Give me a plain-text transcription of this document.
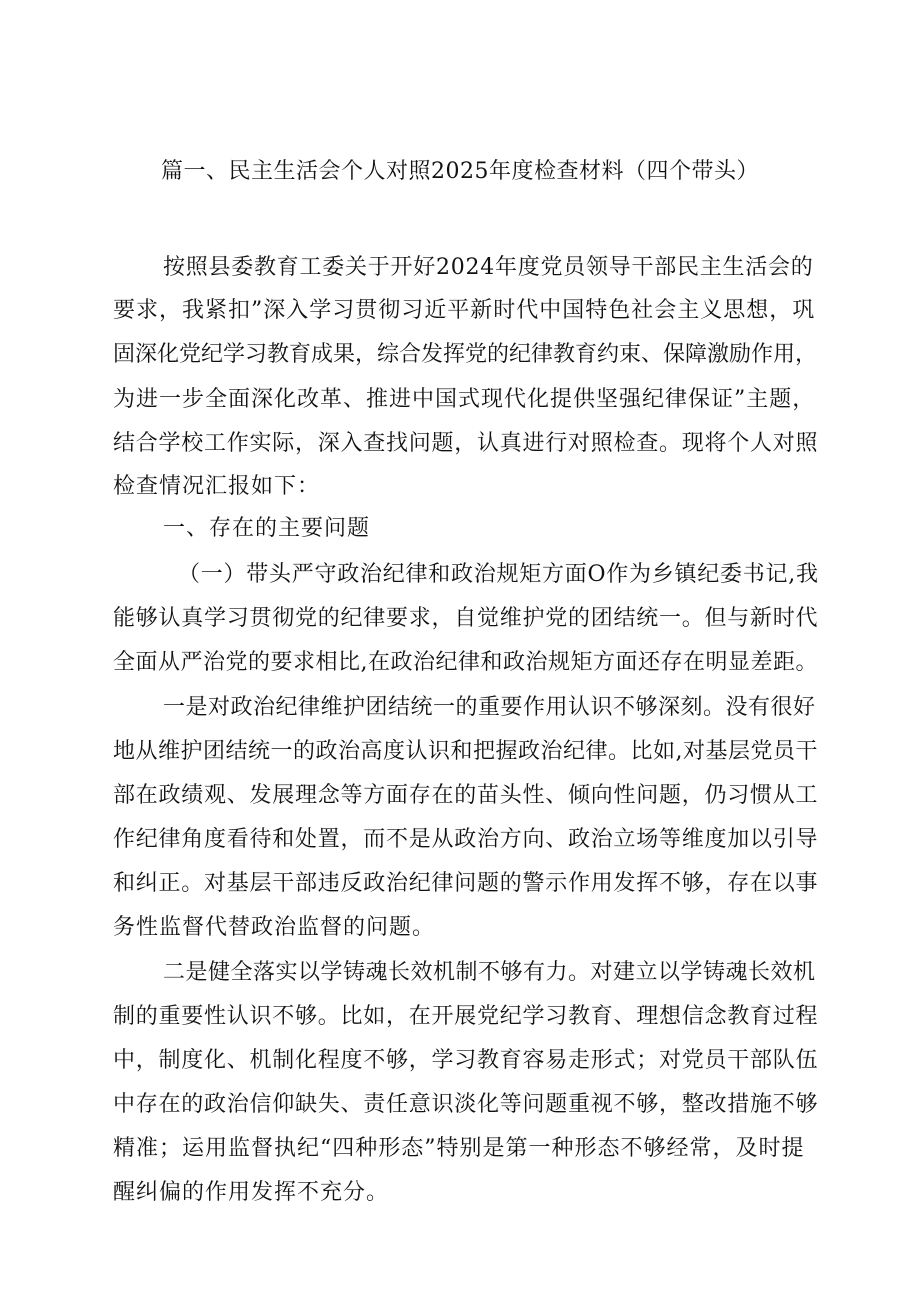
篇一、民主生活会个人对照2025年度检查材料（四个带头）
按照县委教育工委关于开好2024年度党员领导干部民主生活会的
要求，我紧扣”深入学习贯彻习近平新时代中国特色社会主义思想，巩
固深化党纪学习教育成果，综合发挥党的纪律教育约束、保障激励作用，
为进一步全面深化改革、推进中国式现代化提供坚强纪律保证”主题，
结合学校工作实际，深入查找问题，认真进行对照检查。现将个人对照
检查情况汇报如下：
一、存在的主要问题
（一）带头严守政治纪律和政治规矩方面O作为乡镇纪委书记,我
能够认真学习贯彻党的纪律要求，自觉维护党的团结统一。但与新时代
全面从严治党的要求相比,在政治纪律和政治规矩方面还存在明显差距。
一是对政治纪律维护团结统一的重要作用认识不够深刻。没有很好
地从维护团结统一的政治高度认识和把握政治纪律。比如,对基层党员干
部在政绩观、发展理念等方面存在的苗头性、倾向性问题，仍习惯从工
作纪律角度看待和处置，而不是从政治方向、政治立场等维度加以引导
和纠正。对基层干部违反政治纪律问题的警示作用发挥不够，存在以事
务性监督代替政治监督的问题。
二是健全落实以学铸魂长效机制不够有力。对建立以学铸魂长效机
制的重要性认识不够。比如，在开展党纪学习教育、理想信念教育过程
中，制度化、机制化程度不够，学习教育容易走形式；对党员干部队伍
中存在的政治信仰缺失、责任意识淡化等问题重视不够，整改措施不够
精准；运用监督执纪“四种形态”特别是第一种形态不够经常，及时提
醒纠偏的作用发挥不充分。
